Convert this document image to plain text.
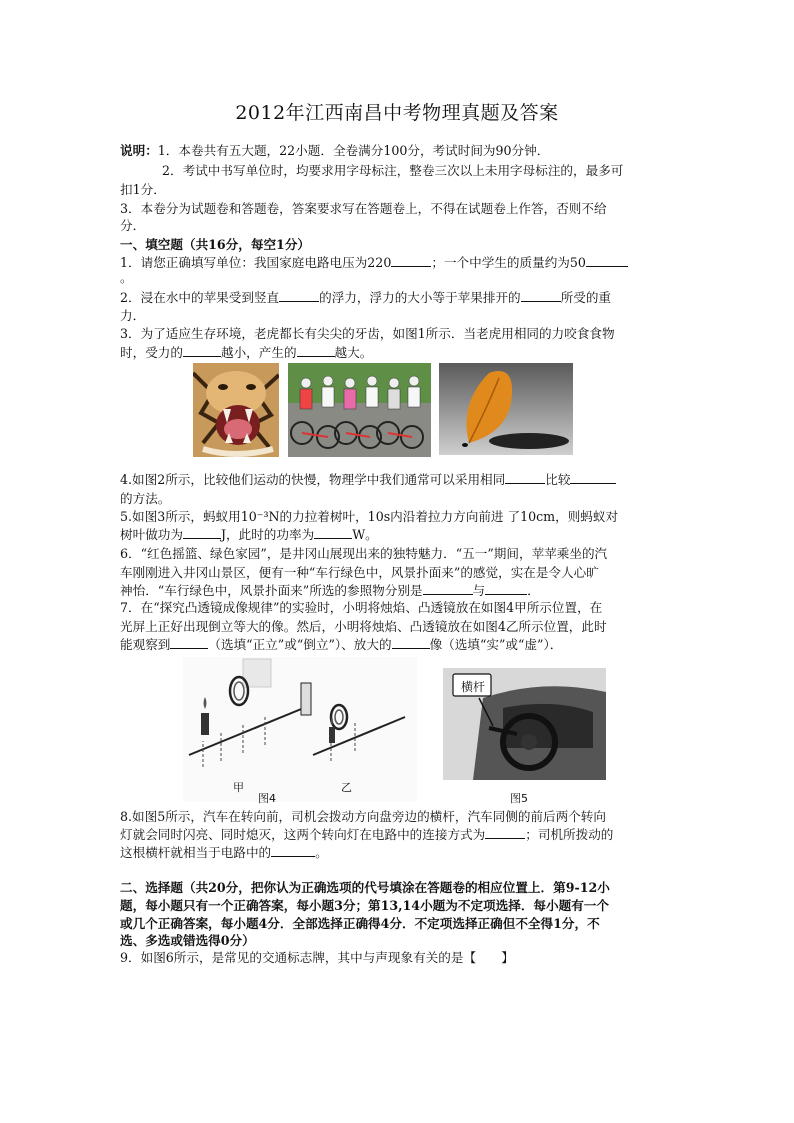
2012年江西南昌中考物理真题及答案
说明：1．本卷共有五大题，22小题．全卷满分100分，考试时间为90分钟．
2．考试中书写单位时，均要求用字母标注，整卷三次以上未用字母标注的，最多可
扣1分．
3．本卷分为试题卷和答题卷，答案要求写在答题卷上，不得在试题卷上作答，否则不给
分．
一、填空题（共16分，每空1分）
1．请您正确填写单位：我国家庭电路电压为220	；一个中学生的质量约为50
。
2．浸在水中的苹果受到竖直	的浮力，浮力的大小等于苹果排开的	所受的重
力．
3．为了适应生存环境，老虎都长有尖尖的牙齿，如图1所示．当老虎用相同的力咬食食物
时，受力的	越小，产生的	越大。
4.如图2所示，比较他们运动的快慢，物理学中我们通常可以采用相同	比较
的方法。
5.如图3所示，蚂蚁用10⁻³N的力拉着树叶，10s内沿着拉力方向前进 了10cm，则蚂蚁对
树叶做功为	J，此时的功率为	W。
6．“红色摇篮、绿色家园”，是井冈山展现出来的独特魅力．“五一”期间，苹苹乘坐的汽
车刚刚进入井冈山景区，便有一种“车行绿色中，风景扑面来”的感觉，实在是令人心旷
神怡．“车行绿色中，风景扑面来”所选的参照物分别是	与	．
7．在“探究凸透镜成像规律”的实验时，小明将烛焰、凸透镜放在如图4甲所示位置，在
光屏上正好出现倒立等大的像。然后，小明将烛焰、凸透镜放在如图4乙所示位置，此时
能观察到	（选填“正立”或“倒立”）、放大的	像（选填“实”或“虚”）．
甲	乙
图4
横杆
图5
8.如图5所示，汽车在转向前，司机会拨动方向盘旁边的横杆，汽车同侧的前后两个转向
灯就会同时闪亮、同时熄灭，这两个转向灯在电路中的连接方式为	；司机所拨动的
这根横杆就相当于电路中的	。
二、选择题（共20分，把你认为正确选项的代号填涂在答题卷的相应位置上．第9-12小
题，每小题只有一个正确答案，每小题3分；第13,14小题为不定项选择．每小题有一个
或几个正确答案，每小题4分．全部选择正确得4分．不定项选择正确但不全得1分，不
选、多选或错选得0分）
9．如图6所示，是常见的交通标志牌，其中与声现象有关的是【　　】
